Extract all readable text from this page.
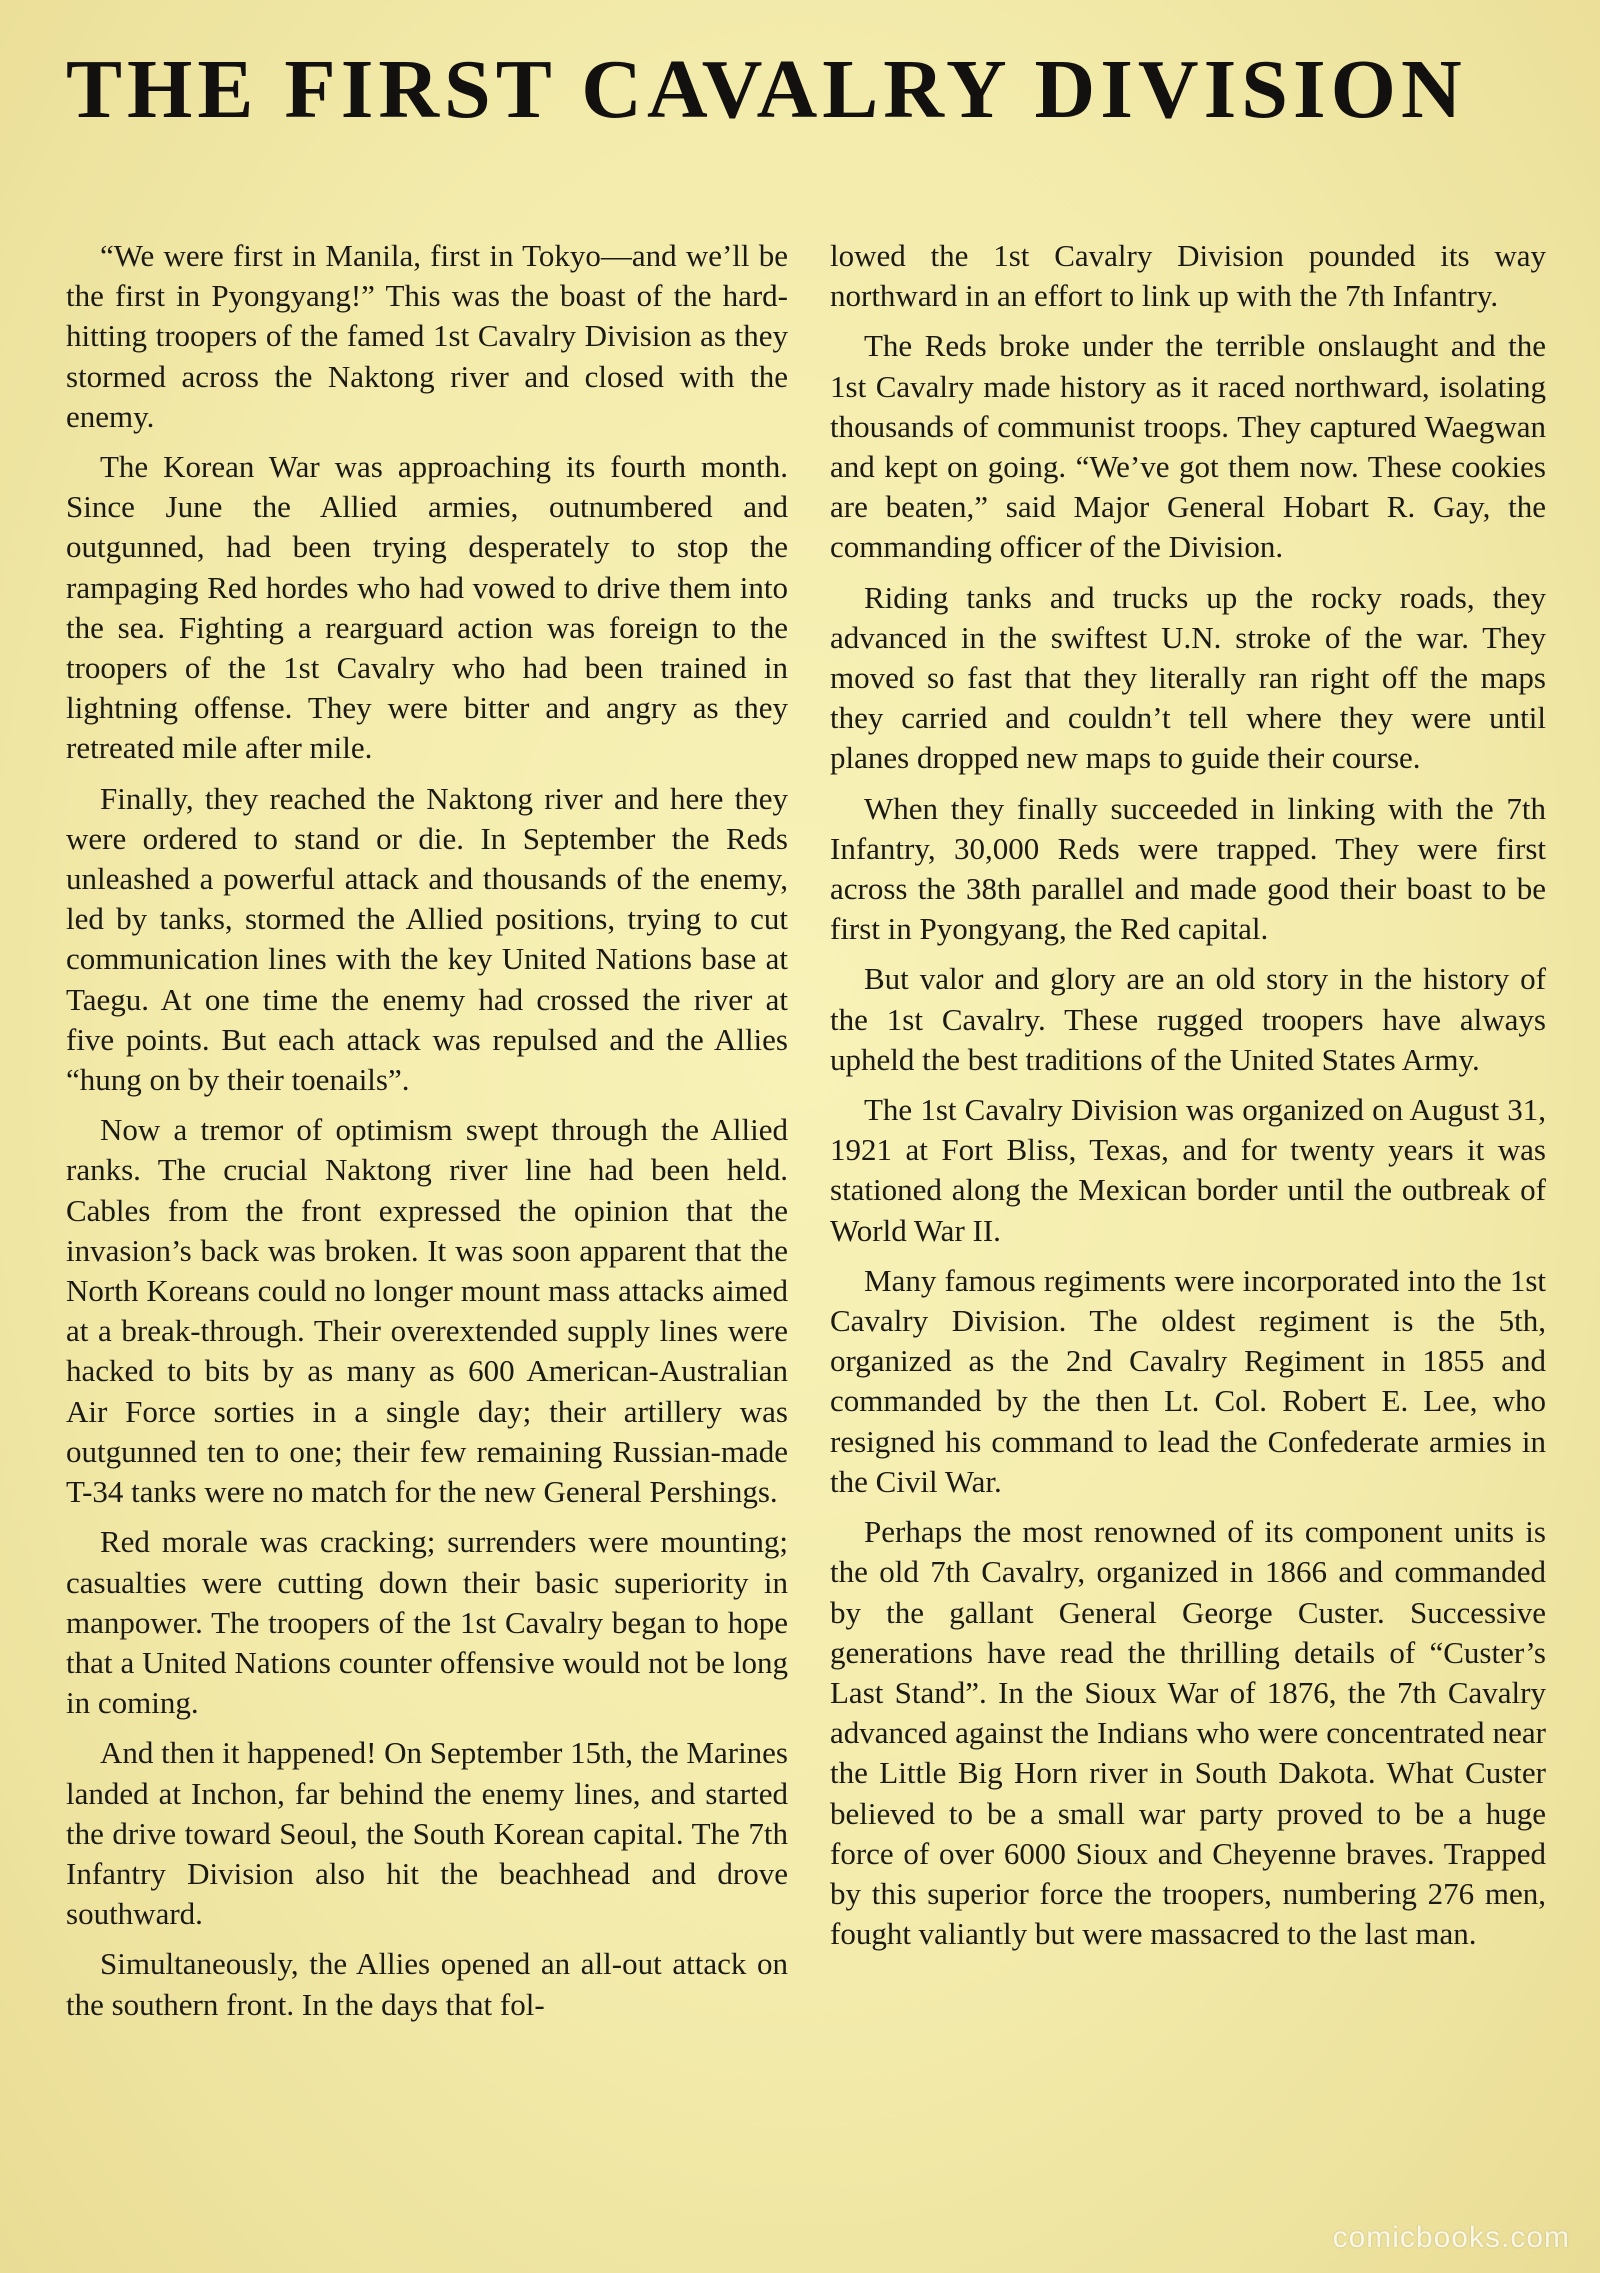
THE FIRST CAVALRY DIVISION

“We were first in Manila, first in Tokyo—and we’ll be the first in Pyongyang!” This was the boast of the hard-hitting troopers of the famed 1st Cavalry Division as they stormed across the Naktong river and closed with the enemy.

The Korean War was approaching its fourth month. Since June the Allied armies, outnumbered and outgunned, had been trying desperately to stop the rampaging Red hordes who had vowed to drive them into the sea. Fighting a rearguard action was foreign to the troopers of the 1st Cavalry who had been trained in lightning offense. They were bitter and angry as they retreated mile after mile.

Finally, they reached the Naktong river and here they were ordered to stand or die. In September the Reds unleashed a powerful attack and thousands of the enemy, led by tanks, stormed the Allied positions, trying to cut communication lines with the key United Nations base at Taegu. At one time the enemy had crossed the river at five points. But each attack was repulsed and the Allies “hung on by their toenails”.

Now a tremor of optimism swept through the Allied ranks. The crucial Naktong river line had been held. Cables from the front expressed the opinion that the invasion’s back was broken. It was soon apparent that the North Koreans could no longer mount mass attacks aimed at a break-through. Their overextended supply lines were hacked to bits by as many as 600 American-Australian Air Force sorties in a single day; their artillery was outgunned ten to one; their few remaining Russian-made T-34 tanks were no match for the new General Pershings.

Red morale was cracking; surrenders were mounting; casualties were cutting down their basic superiority in manpower. The troopers of the 1st Cavalry began to hope that a United Nations counter offensive would not be long in coming.

And then it happened! On September 15th, the Marines landed at Inchon, far behind the enemy lines, and started the drive toward Seoul, the South Korean capital. The 7th Infantry Division also hit the beachhead and drove southward.

Simultaneously, the Allies opened an all-out attack on the southern front. In the days that fol-

lowed the 1st Cavalry Division pounded its way northward in an effort to link up with the 7th Infantry.

The Reds broke under the terrible onslaught and the 1st Cavalry made history as it raced northward, isolating thousands of communist troops. They captured Waegwan and kept on going. “We’ve got them now. These cookies are beaten,” said Major General Hobart R. Gay, the commanding officer of the Division.

Riding tanks and trucks up the rocky roads, they advanced in the swiftest U.N. stroke of the war. They moved so fast that they literally ran right off the maps they carried and couldn’t tell where they were until planes dropped new maps to guide their course.

When they finally succeeded in linking with the 7th Infantry, 30,000 Reds were trapped. They were first across the 38th parallel and made good their boast to be first in Pyongyang, the Red capital.

But valor and glory are an old story in the history of the 1st Cavalry. These rugged troopers have always upheld the best traditions of the United States Army.

The 1st Cavalry Division was organized on August 31, 1921 at Fort Bliss, Texas, and for twenty years it was stationed along the Mexican border until the outbreak of World War II.

Many famous regiments were incorporated into the 1st Cavalry Division. The oldest regiment is the 5th, organized as the 2nd Cavalry Regiment in 1855 and commanded by the then Lt. Col. Robert E. Lee, who resigned his command to lead the Confederate armies in the Civil War.

Perhaps the most renowned of its component units is the old 7th Cavalry, organized in 1866 and commanded by the gallant General George Custer. Successive generations have read the thrilling details of “Custer’s Last Stand”. In the Sioux War of 1876, the 7th Cavalry advanced against the Indians who were concentrated near the Little Big Horn river in South Dakota. What Custer believed to be a small war party proved to be a huge force of over 6000 Sioux and Cheyenne braves. Trapped by this superior force the troopers, numbering 276 men, fought valiantly but were massacred to the last man.

comicbooks.com
